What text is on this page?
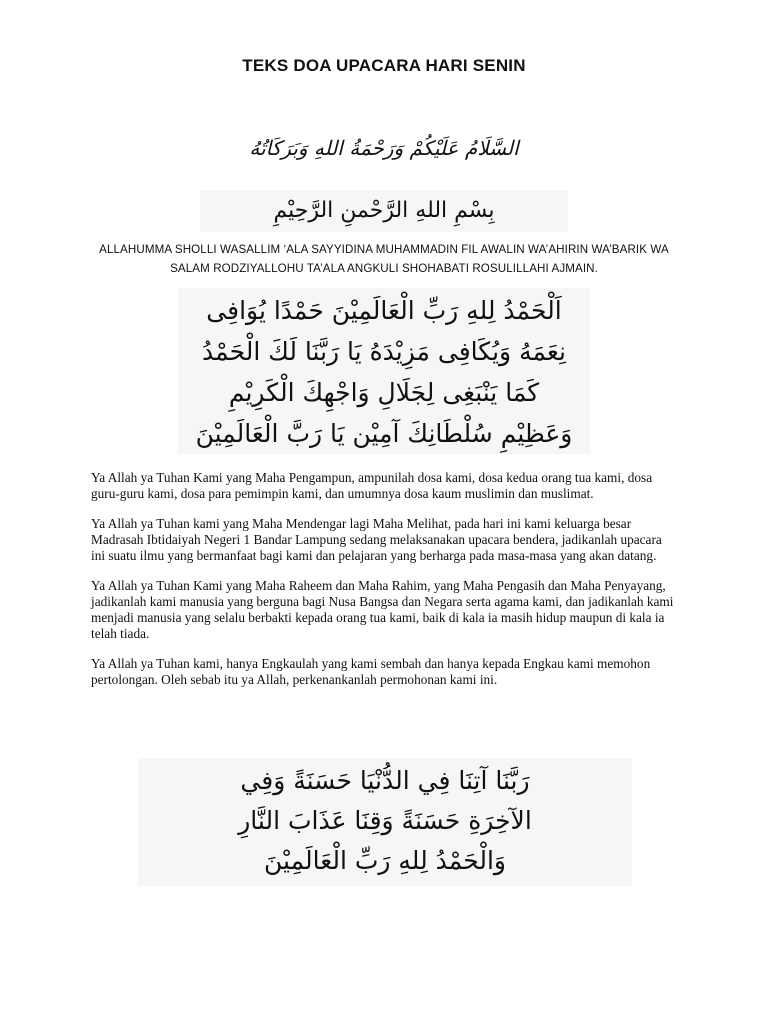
TEKS DOA UPACARA HARI SENIN
السَّلَامُ عَلَيْكُمْ وَرَحْمَةُ اللهِ وَبَرَكَاتُهُ
بِسْمِ اللهِ الرَّحْمنِ الرَّحِيْمِ
ALLAHUMMA SHOLLI WASALLIM ‘ALA SAYYIDINA MUHAMMADIN FIL AWALIN WA’AHIRIN WA’BARIK WA SALAM RODZIYALLOHU TA’ALA ANGKULI SHOHABATI ROSULILLAHI AJMAIN.
اَلْحَمْدُ لِلهِ رَبِّ الْعَالَمِيْنَ حَمْدًا يُوَافِى
نِعَمَهُ وَيُكَافِى مَزِيْدَهُ يَا رَبَّنَا لَكَ الْحَمْدُ
كَمَا يَنْبَغِى لِجَلَالِ وَاجْهِكَ الْكَرِيْمِ
وَعَظِيْمِ سُلْطَانِكَ آمِيْن يَا رَبَّ الْعَالَمِيْنَ

Ya Allah ya Tuhan Kami yang Maha Pengampun, ampunilah dosa kami, dosa kedua orang tua kami, dosa guru-guru kami, dosa para pemimpin kami, dan umumnya dosa kaum muslimin dan muslimat.

Ya Allah ya Tuhan kami yang Maha Mendengar lagi Maha Melihat, pada hari ini kami keluarga besar Madrasah Ibtidaiyah Negeri 1 Bandar Lampung sedang melaksanakan upacara bendera, jadikanlah upacara ini suatu ilmu yang bermanfaat bagi kami dan pelajaran yang berharga pada masa-masa yang akan datang.

Ya Allah ya Tuhan Kami yang Maha Raheem dan Maha Rahim, yang Maha Pengasih dan Maha Penyayang, jadikanlah kami manusia yang berguna bagi Nusa Bangsa dan Negara serta agama kami, dan jadikanlah kami menjadi manusia yang selalu berbakti kepada orang tua kami, baik di kala ia masih hidup maupun di kala ia telah tiada.

Ya Allah ya Tuhan kami, hanya Engkaulah yang kami sembah dan hanya kepada Engkau kami memohon pertolongan. Oleh sebab itu ya Allah, perkenankanlah permohonan kami ini.

رَبَّنَا آتِنَا فِي الدُّنْيَا حَسَنَةً وَفِي
الآخِرَةِ حَسَنَةً وَقِنَا عَذَابَ النَّارِ
وَالْحَمْدُ لِلهِ رَبِّ الْعَالَمِيْنَ
